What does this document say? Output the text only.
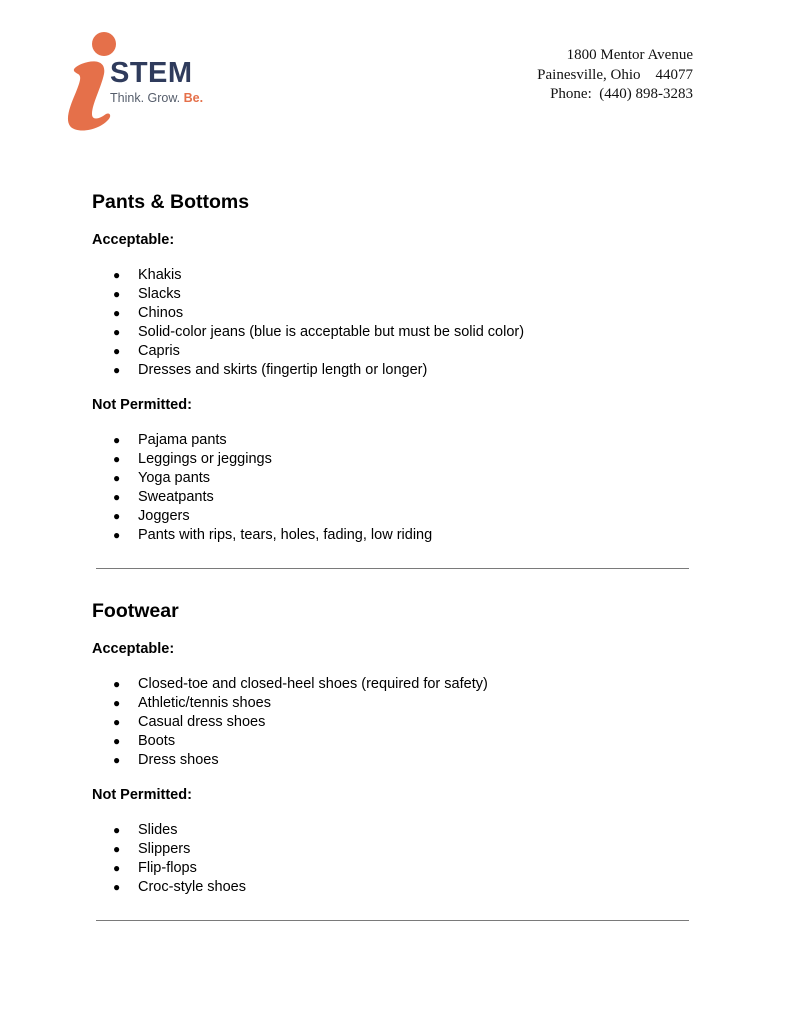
STEM
Think. Grow. Be.
1800 Mentor Avenue
Painesville, Ohio    44077
Phone:  (440) 898-3283
Pants & Bottoms

Acceptable:

● Khakis
● Slacks
● Chinos
● Solid-color jeans (blue is acceptable but must be solid color)
● Capris
● Dresses and skirts (fingertip length or longer)

Not Permitted:

● Pajama pants
● Leggings or jeggings
● Yoga pants
● Sweatpants
● Joggers
● Pants with rips, tears, holes, fading, low riding
Footwear

Acceptable:

● Closed-toe and closed-heel shoes (required for safety)
● Athletic/tennis shoes
● Casual dress shoes
● Boots
● Dress shoes

Not Permitted:

● Slides
● Slippers
● Flip-flops
● Croc-style shoes
